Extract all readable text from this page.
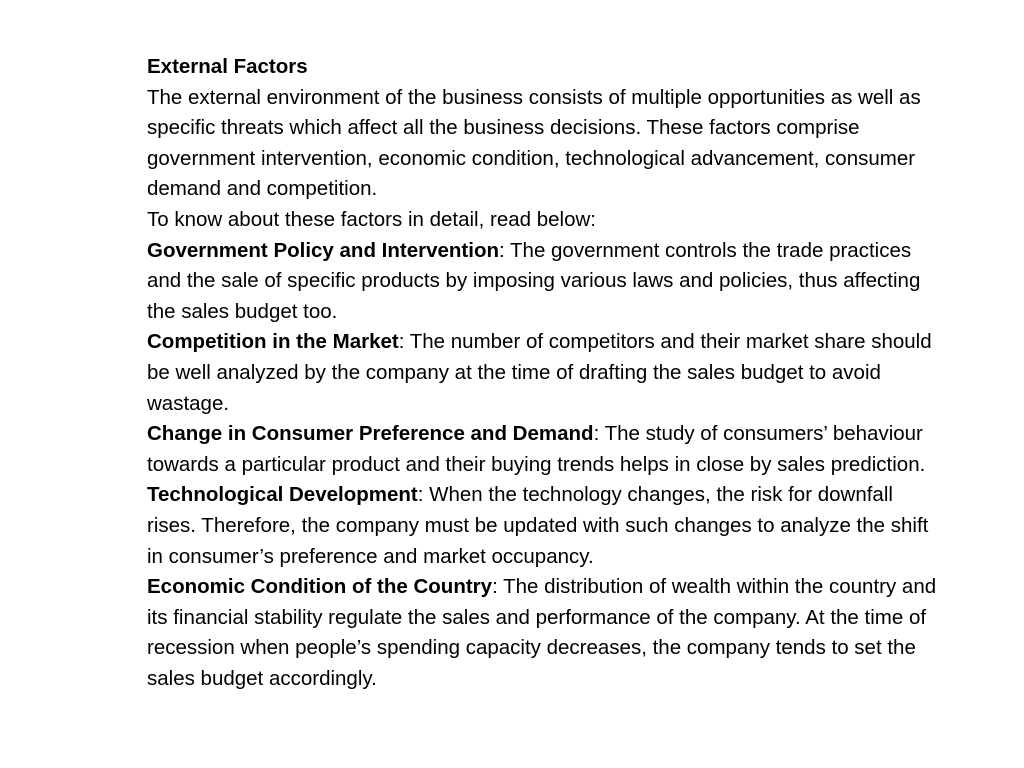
External Factors

The external environment of the business consists of multiple opportunities as well as specific threats which affect all the business decisions. These factors comprise government intervention, economic condition, technological advancement, consumer demand and competition.

To know about these factors in detail, read below:

Government Policy and Intervention: The government controls the trade practices and the sale of specific products by imposing various laws and policies, thus affecting the sales budget too.

Competition in the Market: The number of competitors and their market share should be well analyzed by the company at the time of drafting the sales budget to avoid wastage.

Change in Consumer Preference and Demand: The study of consumers’ behaviour towards a particular product and their buying trends helps in close by sales prediction.

Technological Development: When the technology changes, the risk for downfall rises. Therefore, the company must be updated with such changes to analyze the shift in consumer’s preference and market occupancy.

Economic Condition of the Country: The distribution of wealth within the country and its financial stability regulate the sales and performance of the company. At the time of recession when people’s spending capacity decreases, the company tends to set the sales budget accordingly.
